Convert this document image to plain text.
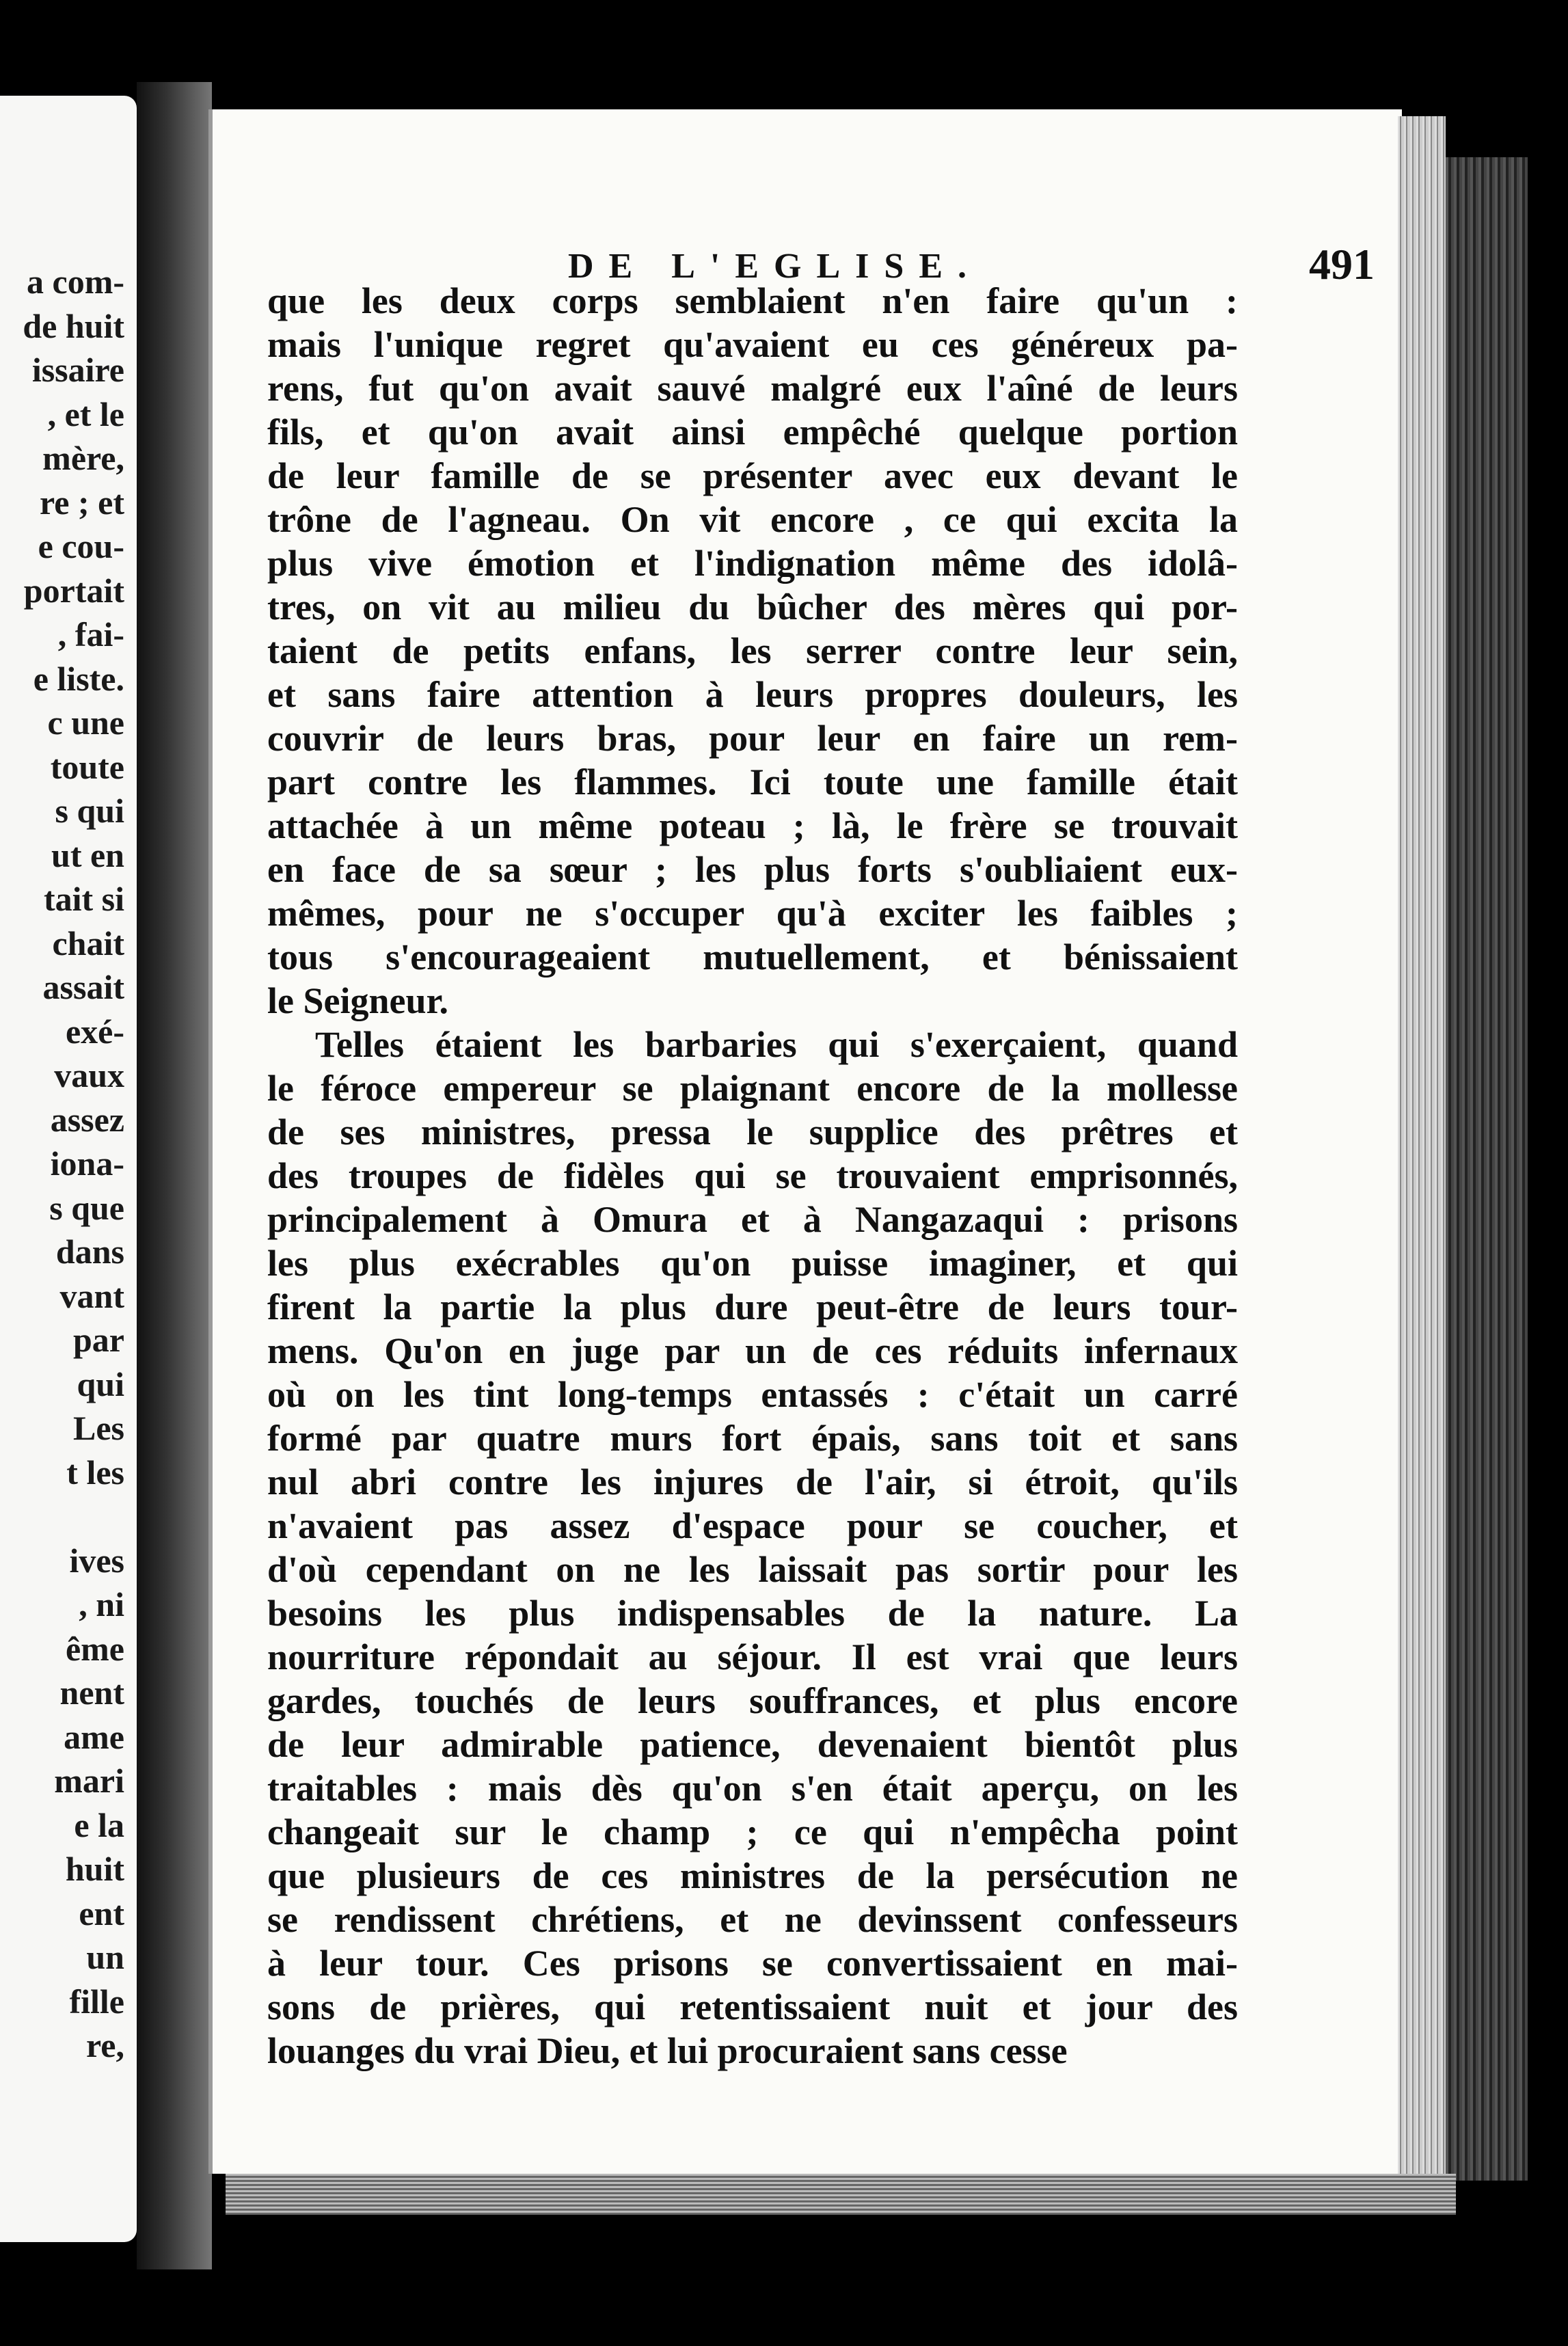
a com-
de huit
issaire
, et le
mère,
re ; et
e cou-
portait
, fai-
e liste.
c une
toute
s qui
ut en
tait si
chait
assait
exé-
vaux
assez
iona-
s que
dans
vant
par
qui
Les
t les
ives
, ni
ême
nent
ame
mari
e la
huit
ent
un
fille
re,
DE L'EGLISE.	491
que les deux corps semblaient n'en faire qu'un :
mais l'unique regret qu'avaient eu ces généreux pa-
rens, fut qu'on avait sauvé malgré eux l'aîné de leurs
fils, et qu'on avait ainsi empêché quelque portion
de leur famille de se présenter avec eux devant le
trône de l'agneau. On vit encore , ce qui excita la
plus vive émotion et l'indignation même des idolâ-
tres, on vit au milieu du bûcher des mères qui por-
taient de petits enfans, les serrer contre leur sein,
et sans faire attention à leurs propres douleurs, les
couvrir de leurs bras, pour leur en faire un rem-
part contre les flammes. Ici toute une famille était
attachée à un même poteau ; là, le frère se trouvait
en face de sa sœur ; les plus forts s'oubliaient eux-
mêmes, pour ne s'occuper qu'à exciter les faibles ;
tous s'encourageaient mutuellement, et bénissaient
le Seigneur.
Telles étaient les barbaries qui s'exerçaient, quand
le féroce empereur se plaignant encore de la mollesse
de ses ministres, pressa le supplice des prêtres et
des troupes de fidèles qui se trouvaient emprisonnés,
principalement à Omura et à Nangazaqui : prisons
les plus exécrables qu'on puisse imaginer, et qui
firent la partie la plus dure peut-être de leurs tour-
mens. Qu'on en juge par un de ces réduits infernaux
où on les tint long-temps entassés : c'était un carré
formé par quatre murs fort épais, sans toit et sans
nul abri contre les injures de l'air, si étroit, qu'ils
n'avaient pas assez d'espace pour se coucher, et
d'où cependant on ne les laissait pas sortir pour les
besoins les plus indispensables de la nature. La
nourriture répondait au séjour. Il est vrai que leurs
gardes, touchés de leurs souffrances, et plus encore
de leur admirable patience, devenaient bientôt plus
traitables : mais dès qu'on s'en était aperçu, on les
changeait sur le champ ; ce qui n'empêcha point
que plusieurs de ces ministres de la persécution ne
se rendissent chrétiens, et ne devinssent confesseurs
à leur tour. Ces prisons se convertissaient en mai-
sons de prières, qui retentissaient nuit et jour des
louanges du vrai Dieu, et lui procuraient sans cesse
